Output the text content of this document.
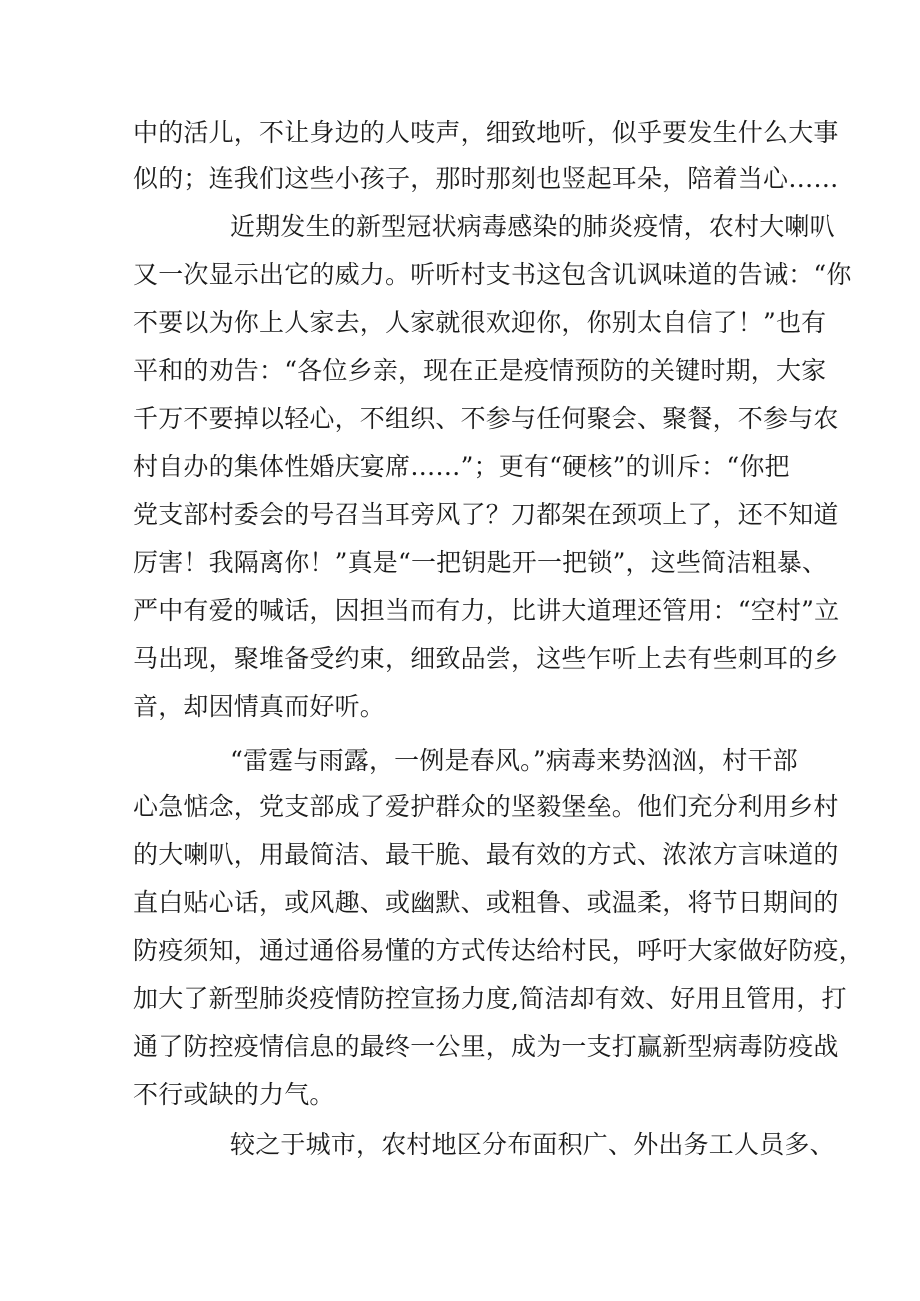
中的活儿，不让身边的人吱声，细致地听，似乎要发生什么大事
似的；连我们这些小孩子，那时那刻也竖起耳朵，陪着当心……
近期发生的新型冠状病毒感染的肺炎疫情，农村大喇叭
又一次显示出它的威力。听听村支书这包含讥讽味道的告诫：“你
不要以为你上人家去，人家就很欢迎你，你别太自信了！”也有
平和的劝告：“各位乡亲，现在正是疫情预防的关键时期，大家
千万不要掉以轻心，不组织、不参与任何聚会、聚餐，不参与农
村自办的集体性婚庆宴席……”；更有“硬核”的训斥：“你把
党支部村委会的号召当耳旁风了？刀都架在颈项上了，还不知道
厉害！我隔离你！”真是“一把钥匙开一把锁”，这些简洁粗暴、
严中有爱的喊话，因担当而有力，比讲大道理还管用：“空村”立
马出现，聚堆备受约束，细致品尝，这些乍听上去有些刺耳的乡
音，却因情真而好听。
“雷霆与雨露，一例是春风。”病毒来势汹汹，村干部
心急惦念，党支部成了爱护群众的坚毅堡垒。他们充分利用乡村
的大喇叭，用最简洁、最干脆、最有效的方式、浓浓方言味道的
直白贴心话，或风趣、或幽默、或粗鲁、或温柔，将节日期间的
防疫须知，通过通俗易懂的方式传达给村民，呼吁大家做好防疫，
加大了新型肺炎疫情防控宣扬力度,简洁却有效、好用且管用，打
通了防控疫情信息的最终一公里，成为一支打赢新型病毒防疫战
不行或缺的力气。
较之于城市，农村地区分布面积广、外出务工人员多、
